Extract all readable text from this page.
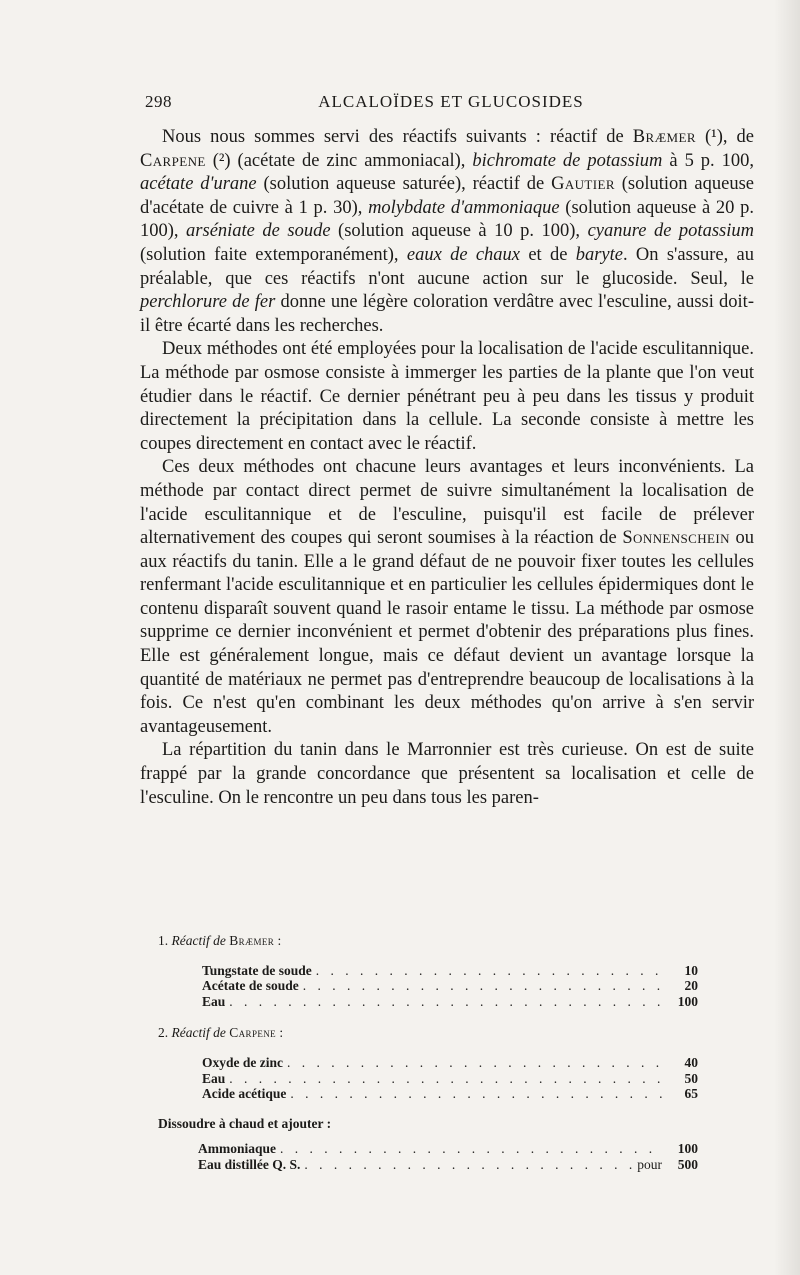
298	ALCALOÏDES ET GLUCOSIDES

Nous nous sommes servi des réactifs suivants : réactif de Bræmer (¹), de Carpene (²) (acétate de zinc ammoniacal), bichromate de potassium à 5 p. 100, acétate d'urane (solution aqueuse saturée), réactif de Gautier (solution aqueuse d'acétate de cuivre à 1 p. 30), molybdate d'ammoniaque (solution aqueuse à 20 p. 100), arséniate de soude (solution aqueuse à 10 p. 100), cyanure de potassium (solution faite extemporanément), eaux de chaux et de baryte. On s'assure, au préalable, que ces réactifs n'ont aucune action sur le glucoside. Seul, le perchlorure de fer donne une légère coloration verdâtre avec l'esculine, aussi doit-il être écarté dans les recherches.

Deux méthodes ont été employées pour la localisation de l'acide esculitannique. La méthode par osmose consiste à immerger les parties de la plante que l'on veut étudier dans le réactif. Ce dernier pénétrant peu à peu dans les tissus y produit directement la précipitation dans la cellule. La seconde consiste à mettre les coupes directement en contact avec le réactif.

Ces deux méthodes ont chacune leurs avantages et leurs inconvénients. La méthode par contact direct permet de suivre simultanément la localisation de l'acide esculitannique et de l'esculine, puisqu'il est facile de prélever alternativement des coupes qui seront soumises à la réaction de Sonnenschein ou aux réactifs du tanin. Elle a le grand défaut de ne pouvoir fixer toutes les cellules renfermant l'acide esculitannique et en particulier les cellules épidermiques dont le contenu disparaît souvent quand le rasoir entame le tissu. La méthode par osmose supprime ce dernier inconvénient et permet d'obtenir des préparations plus fines. Elle est généralement longue, mais ce défaut devient un avantage lorsque la quantité de matériaux ne permet pas d'entreprendre beaucoup de localisations à la fois. Ce n'est qu'en combinant les deux méthodes qu'on arrive à s'en servir avantageusement.

La répartition du tanin dans le Marronnier est très curieuse. On est de suite frappé par la grande concordance que présentent sa localisation et celle de l'esculine. On le rencontre un peu dans tous les paren-

1. Réactif de Bræmer :
Tungstate de soude . . .	10
Acétate de soude . . .	20
Eau . . .	100
2. Réactif de Carpene :
Oxyde de zinc . . .	40
Eau . . .	50
Acide acétique . . .	65
Dissoudre à chaud et ajouter :
Ammoniaque . . .	100
Eau distillée Q. S. . . .	pour	500
